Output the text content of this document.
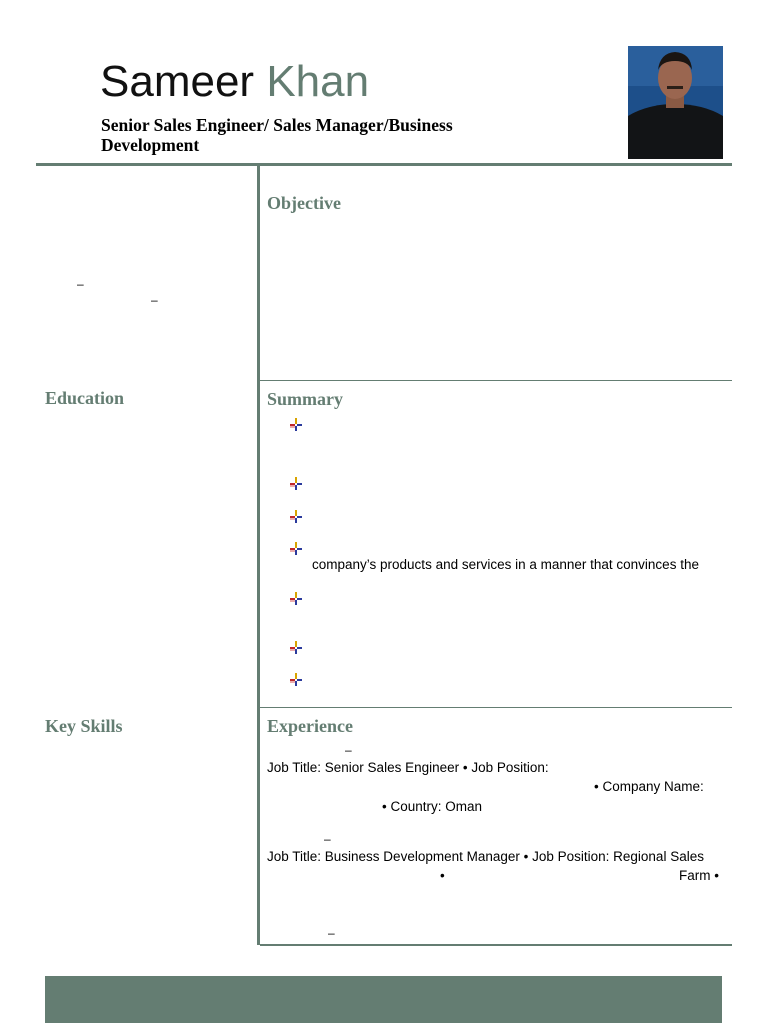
Sameer Khan
Senior Sales Engineer/ Sales Manager/Business
Development
–
–
Education
Key Skills
Objective
Summary
company’s products and services in a manner that convinces the
Experience
–
Job Title: Senior Sales Engineer • Job Position:
• Company Name:
• Country: Oman
–
Job Title: Business Development Manager • Job Position: Regional Sales
•	Farm •
–
